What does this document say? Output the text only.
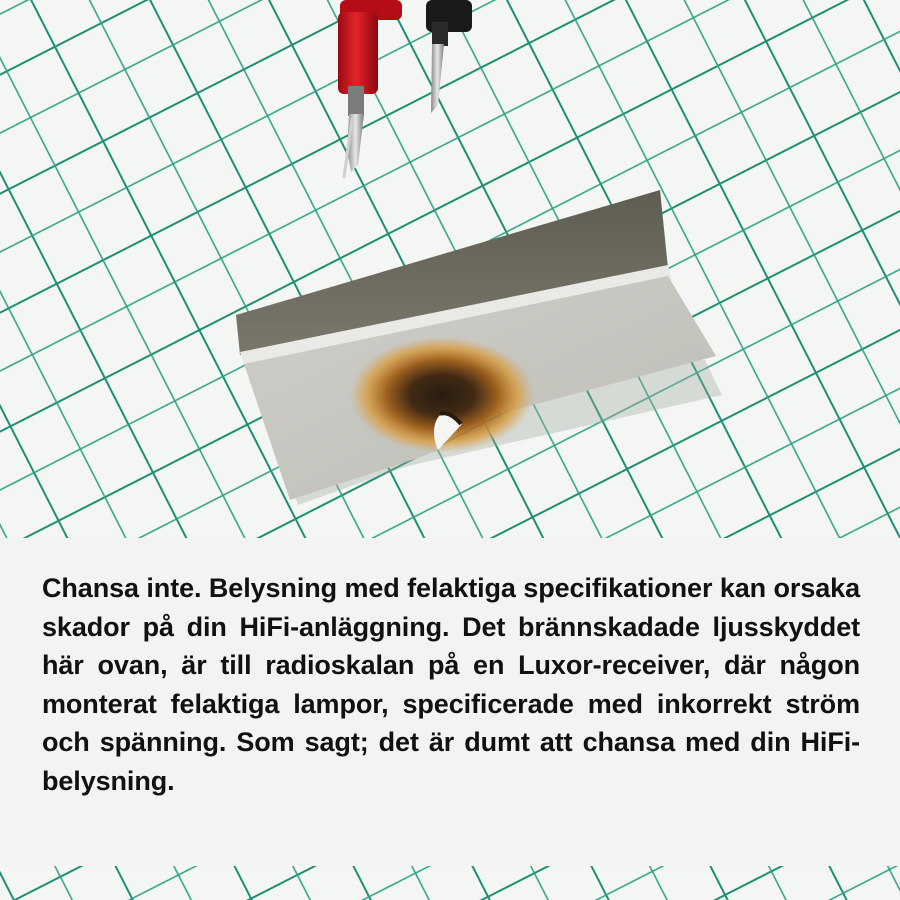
Chansa inte. Belysning med felaktiga specifikationer kan orsaka skador på din HiFi-anläggning. Det brännskadade ljusskyddet här ovan, är till radioskalan på en Luxor-receiver, där någon monterat felaktiga lampor, specificerade med inkorrekt ström och spänning. Som sagt; det är dumt att chansa med din HiFi-belysning.
